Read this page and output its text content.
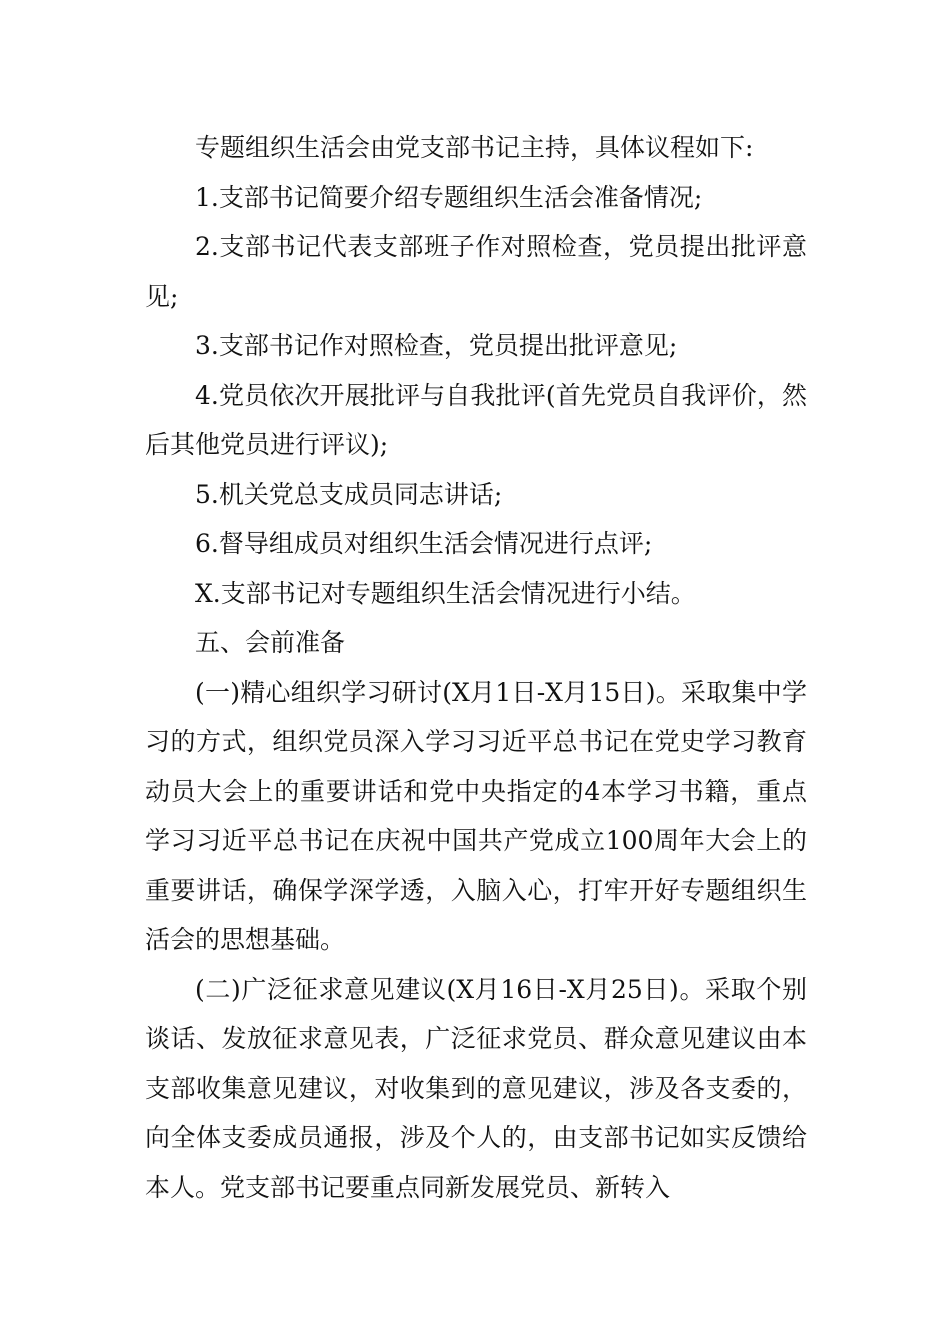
专题组织生活会由党支部书记主持，具体议程如下:

1.支部书记简要介绍专题组织生活会准备情况;

2.支部书记代表支部班子作对照检查，党员提出批评意见;

3.支部书记作对照检查，党员提出批评意见;

4.党员依次开展批评与自我批评(首先党员自我评价，然后其他党员进行评议);

5.机关党总支成员同志讲话;

6.督导组成员对组织生活会情况进行点评;

X.支部书记对专题组织生活会情况进行小结。

五、会前准备

(一)精心组织学习研讨(X月1日-X月15日)。采取集中学习的方式，组织党员深入学习习近平总书记在党史学习教育动员大会上的重要讲话和党中央指定的4本学习书籍，重点学习习近平总书记在庆祝中国共产党成立100周年大会上的重要讲话，确保学深学透，入脑入心，打牢开好专题组织生活会的思想基础。

(二)广泛征求意见建议(X月16日-X月25日)。采取个别谈话、发放征求意见表，广泛征求党员、群众意见建议由本支部收集意见建议，对收集到的意见建议，涉及各支委的，向全体支委成员通报，涉及个人的，由支部书记如实反馈给本人。党支部书记要重点同新发展党员、新转入
